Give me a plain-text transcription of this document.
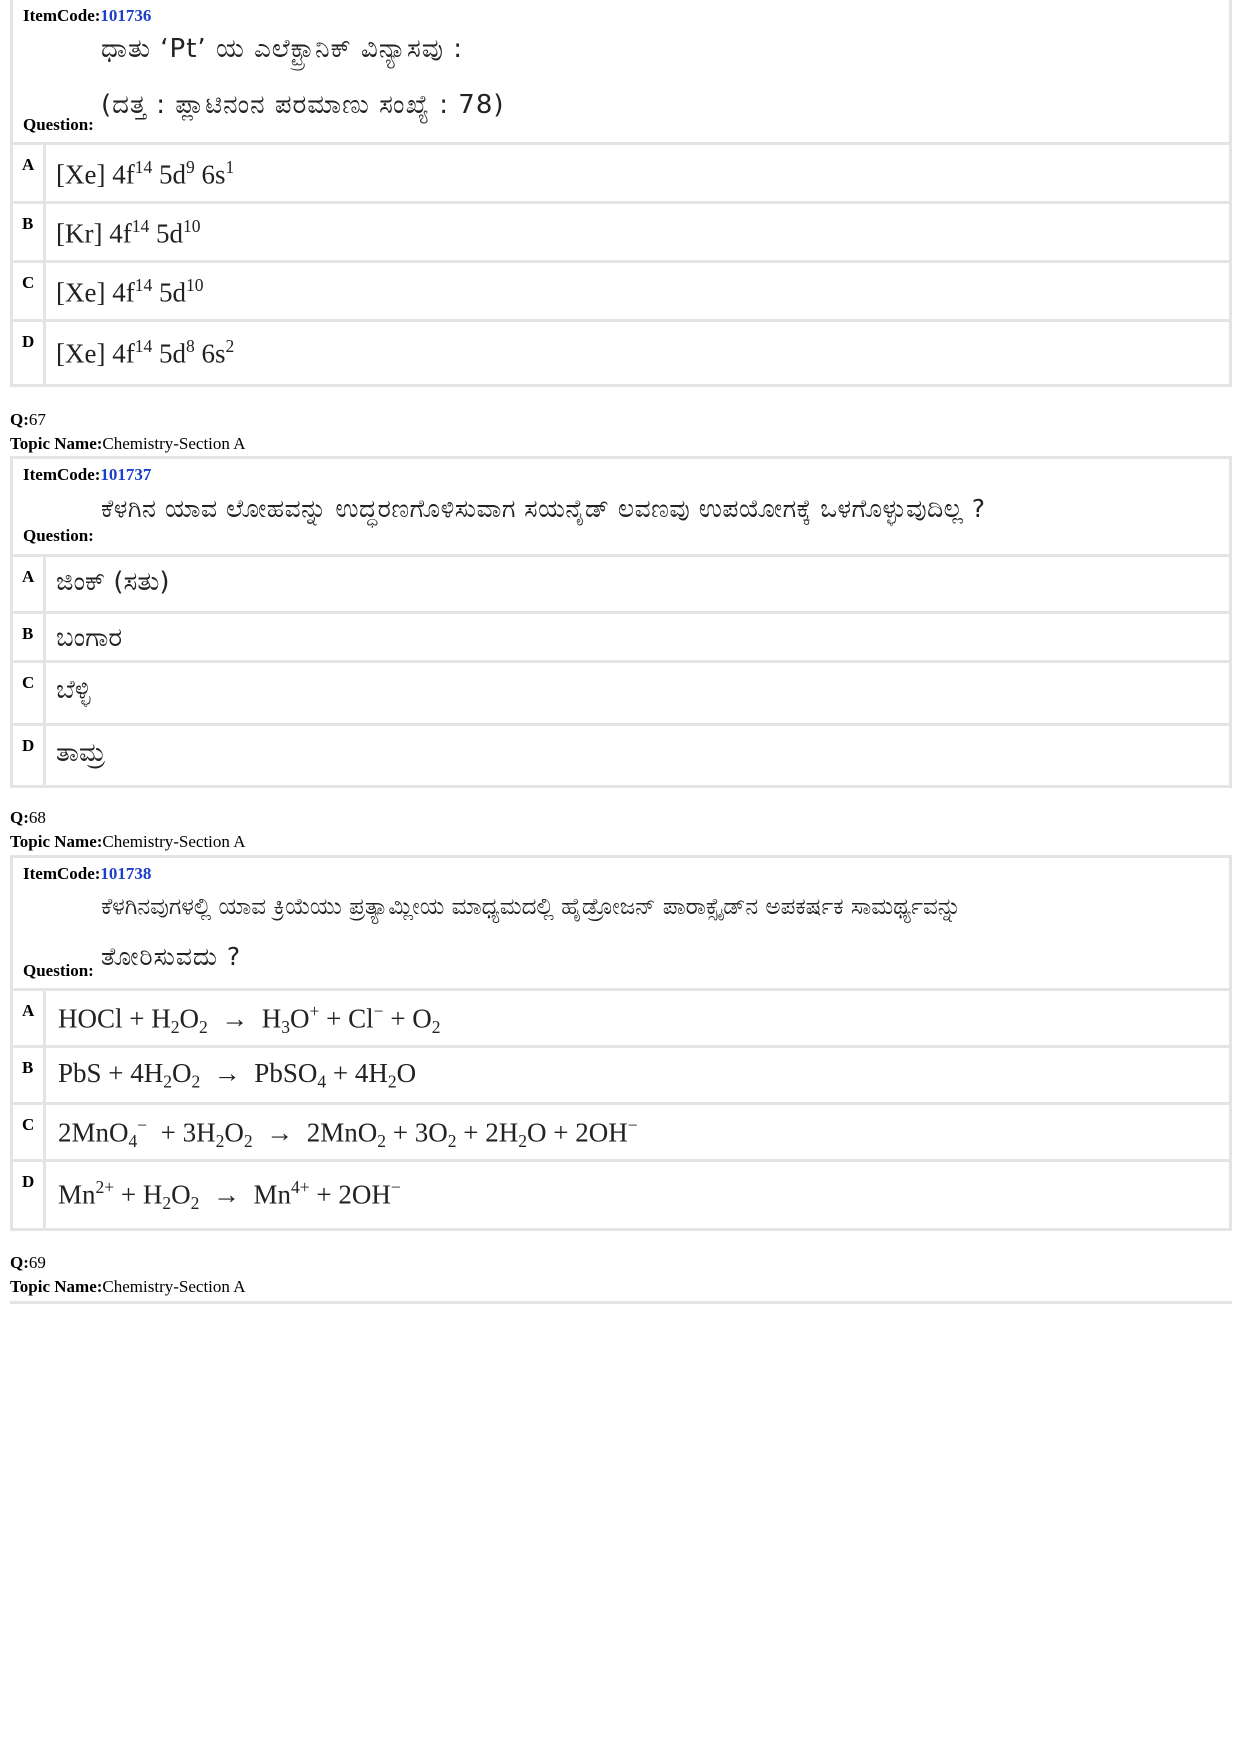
ItemCode:101736
ಧಾತು ‘Pt’ ಯ ಎಲೆಕ್ಟ್ರಾನಿಕ್ ವಿನ್ಯಾಸವು :
(ದತ್ತ : ಪ್ಲಾಟಿನಂನ ಪರಮಾಣು ಸಂಖ್ಯೆ : 78)
Question:
A [Xe] $4f^{14}$ $5d^9$ $6s^1$
B [Kr] $4f^{14}$ $5d^{10}$
C [Xe] $4f^{14}$ $5d^{10}$
D [Xe] $4f^{14}$ $5d^8$ $6s^2$
Q:67
Topic Name:Chemistry-Section A
ItemCode:101737
ಕೆಳಗಿನ ಯಾವ ಲೋಹವನ್ನು ಉದ್ಧರಣಗೊಳಿಸುವಾಗ ಸಯನೈಡ್ ಲವಣವು ಉಪಯೋಗಕ್ಕೆ ಒಳಗೊಳ್ಳುವುದಿಲ್ಲ ?
Question:
A ಜಿಂಕ್ (ಸತು)
B ಬಂಗಾರ
C ಬೆಳ್ಳಿ
D ತಾಮ್ರ
Q:68
Topic Name:Chemistry-Section A
ItemCode:101738
ಕೆಳಗಿನವುಗಳಲ್ಲಿ ಯಾವ ಕ್ರಿಯೆಯು ಪ್ರತ್ಯಾಮ್ಲೀಯ ಮಾಧ್ಯಮದಲ್ಲಿ ಹೈಡ್ರೋಜನ್ ಪಾರಾಕ್ಸೈಡ್‌ನ ಅಪಕರ್ಷಕ ಸಾಮರ್ಥ್ಯವನ್ನು
ತೋರಿಸುವದು ?
Question:
A HOCl + $H_2O_2 \to H_3O^+ + Cl^- + O_2$
B PbS + $4H_2O_2$  →  PbSO$_4$ + $4H_2O$
C $2MnO_4^- + 3H_2O_2 \to 2MnO_2 + 3O_2 + 2H_2O + 2OH^-$
D $Mn^{2+} + H_2O_2 \to Mn^{4+} + 2OH^-$
Q:69
Topic Name:Chemistry-Section A
